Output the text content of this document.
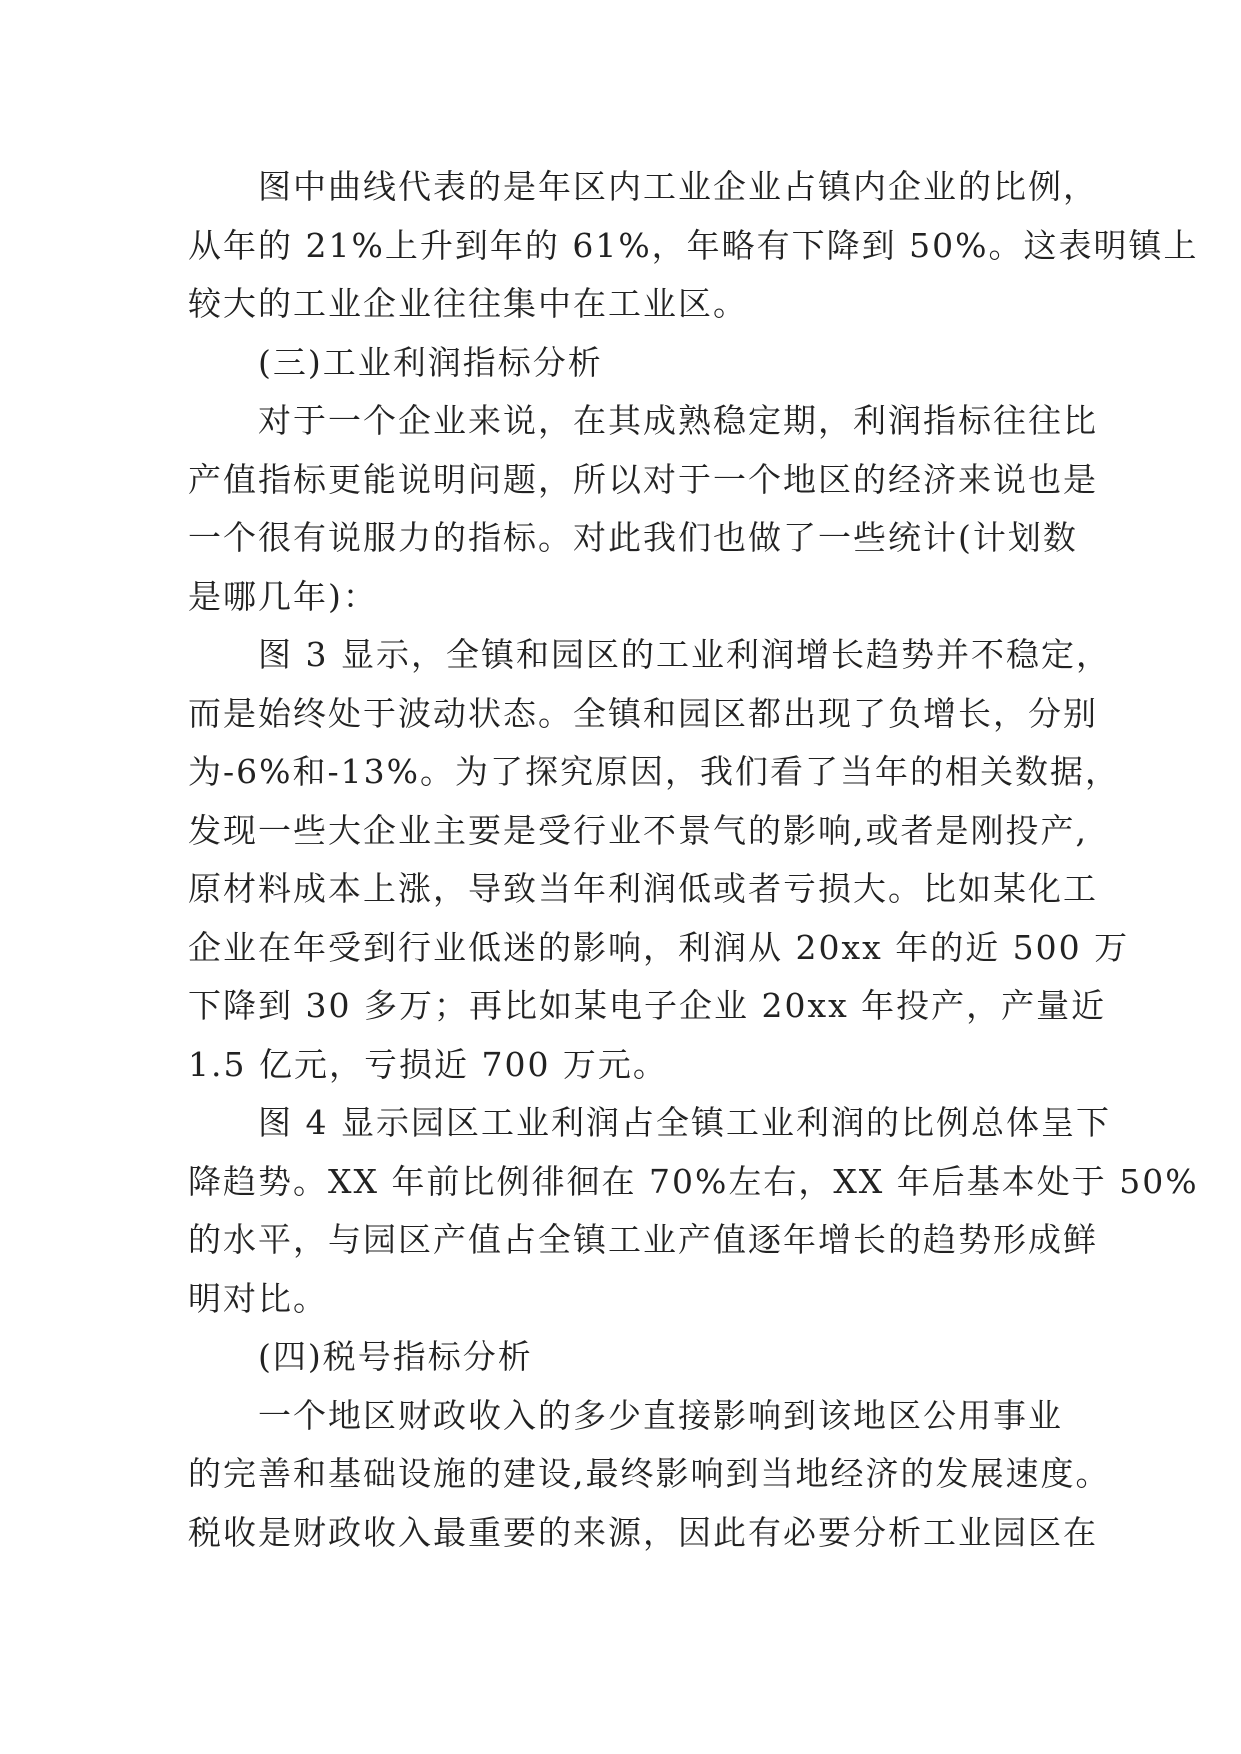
图中曲线代表的是年区内工业企业占镇内企业的比例，
从年的 21%上升到年的 61%，年略有下降到 50%。这表明镇上
较大的工业企业往往集中在工业区。
(三)工业利润指标分析
对于一个企业来说，在其成熟稳定期，利润指标往往比
产值指标更能说明问题，所以对于一个地区的经济来说也是
一个很有说服力的指标。对此我们也做了一些统计(计划数
是哪几年)：
图 3 显示，全镇和园区的工业利润增长趋势并不稳定，
而是始终处于波动状态。全镇和园区都出现了负增长，分别
为-6%和-13%。为了探究原因，我们看了当年的相关数据，
发现一些大企业主要是受行业不景气的影响,或者是刚投产,
原材料成本上涨，导致当年利润低或者亏损大。比如某化工
企业在年受到行业低迷的影响，利润从 20xx 年的近 500 万
下降到 30 多万；再比如某电子企业 20xx 年投产，产量近
1.5 亿元，亏损近 700 万元。
图 4 显示园区工业利润占全镇工业利润的比例总体呈下
降趋势。XX 年前比例徘徊在 70%左右，XX 年后基本处于 50%
的水平，与园区产值占全镇工业产值逐年增长的趋势形成鲜
明对比。
(四)税号指标分析
一个地区财政收入的多少直接影响到该地区公用事业
的完善和基础设施的建设,最终影响到当地经济的发展速度。
税收是财政收入最重要的来源，因此有必要分析工业园区在
